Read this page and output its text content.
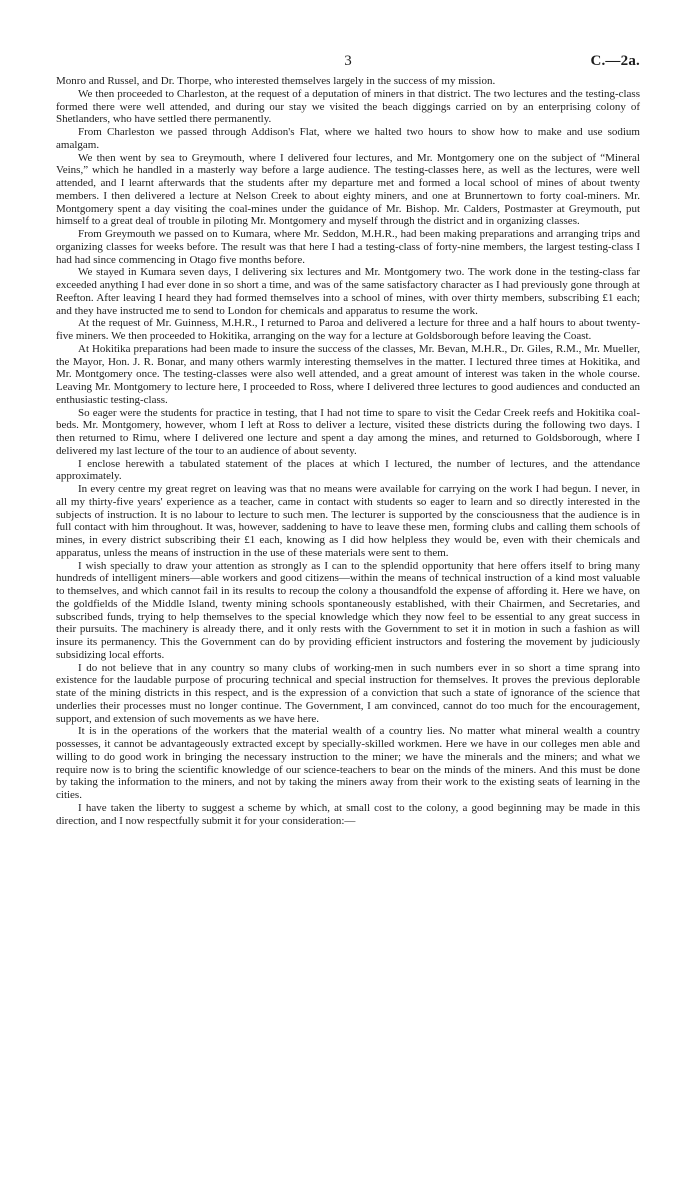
3	C.—2a.

Monro and Russel, and Dr. Thorpe, who interested themselves largely in the success of my mission.

We then proceeded to Charleston, at the request of a deputation of miners in that district. The two lectures and the testing-class formed there were well attended, and during our stay we visited the beach diggings carried on by an enterprising colony of Shetlanders, who have settled there permanently.

From Charleston we passed through Addison's Flat, where we halted two hours to show how to make and use sodium amalgam.

We then went by sea to Greymouth, where I delivered four lectures, and Mr. Montgomery one on the subject of “Mineral Veins,” which he handled in a masterly way before a large audience. The testing-classes here, as well as the lectures, were well attended, and I learnt afterwards that the students after my departure met and formed a local school of mines of about twenty members. I then delivered a lecture at Nelson Creek to about eighty miners, and one at Brunnertown to forty coal-miners. Mr. Montgomery spent a day visiting the coal-mines under the guidance of Mr. Bishop. Mr. Calders, Postmaster at Greymouth, put himself to a great deal of trouble in piloting Mr. Montgomery and myself through the district and in organizing classes.

From Greymouth we passed on to Kumara, where Mr. Seddon, M.H.R., had been making preparations and arranging trips and organizing classes for weeks before. The result was that here I had a testing-class of forty-nine members, the largest testing-class I had had since commencing in Otago five months before.

We stayed in Kumara seven days, I delivering six lectures and Mr. Montgomery two. The work done in the testing-class far exceeded anything I had ever done in so short a time, and was of the same satisfactory character as I had previously gone through at Reefton. After leaving I heard they had formed themselves into a school of mines, with over thirty members, subscribing £1 each; and they have instructed me to send to London for chemicals and apparatus to resume the work.

At the request of Mr. Guinness, M.H.R., I returned to Paroa and delivered a lecture for three and a half hours to about twenty-five miners. We then proceeded to Hokitika, arranging on the way for a lecture at Goldsborough before leaving the Coast.

At Hokitika preparations had been made to insure the success of the classes, Mr. Bevan, M.H.R., Dr. Giles, R.M., Mr. Mueller, the Mayor, Hon. J. R. Bonar, and many others warmly interesting themselves in the matter. I lectured three times at Hokitika, and Mr. Montgomery once. The testing-classes were also well attended, and a great amount of interest was taken in the whole course. Leaving Mr. Montgomery to lecture here, I proceeded to Ross, where I delivered three lectures to good audiences and conducted an enthusiastic testing-class.

So eager were the students for practice in testing, that I had not time to spare to visit the Cedar Creek reefs and Hokitika coal-beds. Mr. Montgomery, however, whom I left at Ross to deliver a lecture, visited these districts during the following two days. I then returned to Rimu, where I delivered one lecture and spent a day among the mines, and returned to Goldsborough, where I delivered my last lecture of the tour to an audience of about seventy.

I enclose herewith a tabulated statement of the places at which I lectured, the number of lectures, and the attendance approximately.

In every centre my great regret on leaving was that no means were available for carrying on the work I had begun. I never, in all my thirty-five years' experience as a teacher, came in contact with students so eager to learn and so directly interested in the subjects of instruction. It is no labour to lecture to such men. The lecturer is supported by the consciousness that the audience is in full contact with him throughout. It was, however, saddening to have to leave these men, forming clubs and calling them schools of mines, in every district subscribing their £1 each, knowing as I did how helpless they would be, even with their chemicals and apparatus, unless the means of instruction in the use of these materials were sent to them.

I wish specially to draw your attention as strongly as I can to the splendid opportunity that here offers itself to bring many hundreds of intelligent miners—able workers and good citizens—within the means of technical instruction of a kind most valuable to themselves, and which cannot fail in its results to recoup the colony a thousandfold the expense of affording it. Here we have, on the goldfields of the Middle Island, twenty mining schools spontaneously established, with their Chairmen, and Secretaries, and subscribed funds, trying to help themselves to the special knowledge which they now feel to be essential to any great success in their pursuits. The machinery is already there, and it only rests with the Government to set it in motion in such a fashion as will insure its permanency. This the Government can do by providing efficient instructors and fostering the movement by judiciously subsidizing local efforts.

I do not believe that in any country so many clubs of working-men in such numbers ever in so short a time sprang into existence for the laudable purpose of procuring technical and special instruction for themselves. It proves the previous deplorable state of the mining districts in this respect, and is the expression of a conviction that such a state of ignorance of the science that underlies their processes must no longer continue. The Government, I am convinced, cannot do too much for the encouragement, support, and extension of such movements as we have here.

It is in the operations of the workers that the material wealth of a country lies. No matter what mineral wealth a country possesses, it cannot be advantageously extracted except by specially-skilled workmen. Here we have in our colleges men able and willing to do good work in bringing the necessary instruction to the miner; we have the minerals and the miners; and what we require now is to bring the scientific knowledge of our science-teachers to bear on the minds of the miners. And this must be done by taking the information to the miners, and not by taking the miners away from their work to the existing seats of learning in the cities.

I have taken the liberty to suggest a scheme by which, at small cost to the colony, a good beginning may be made in this direction, and I now respectfully submit it for your consideration:—
